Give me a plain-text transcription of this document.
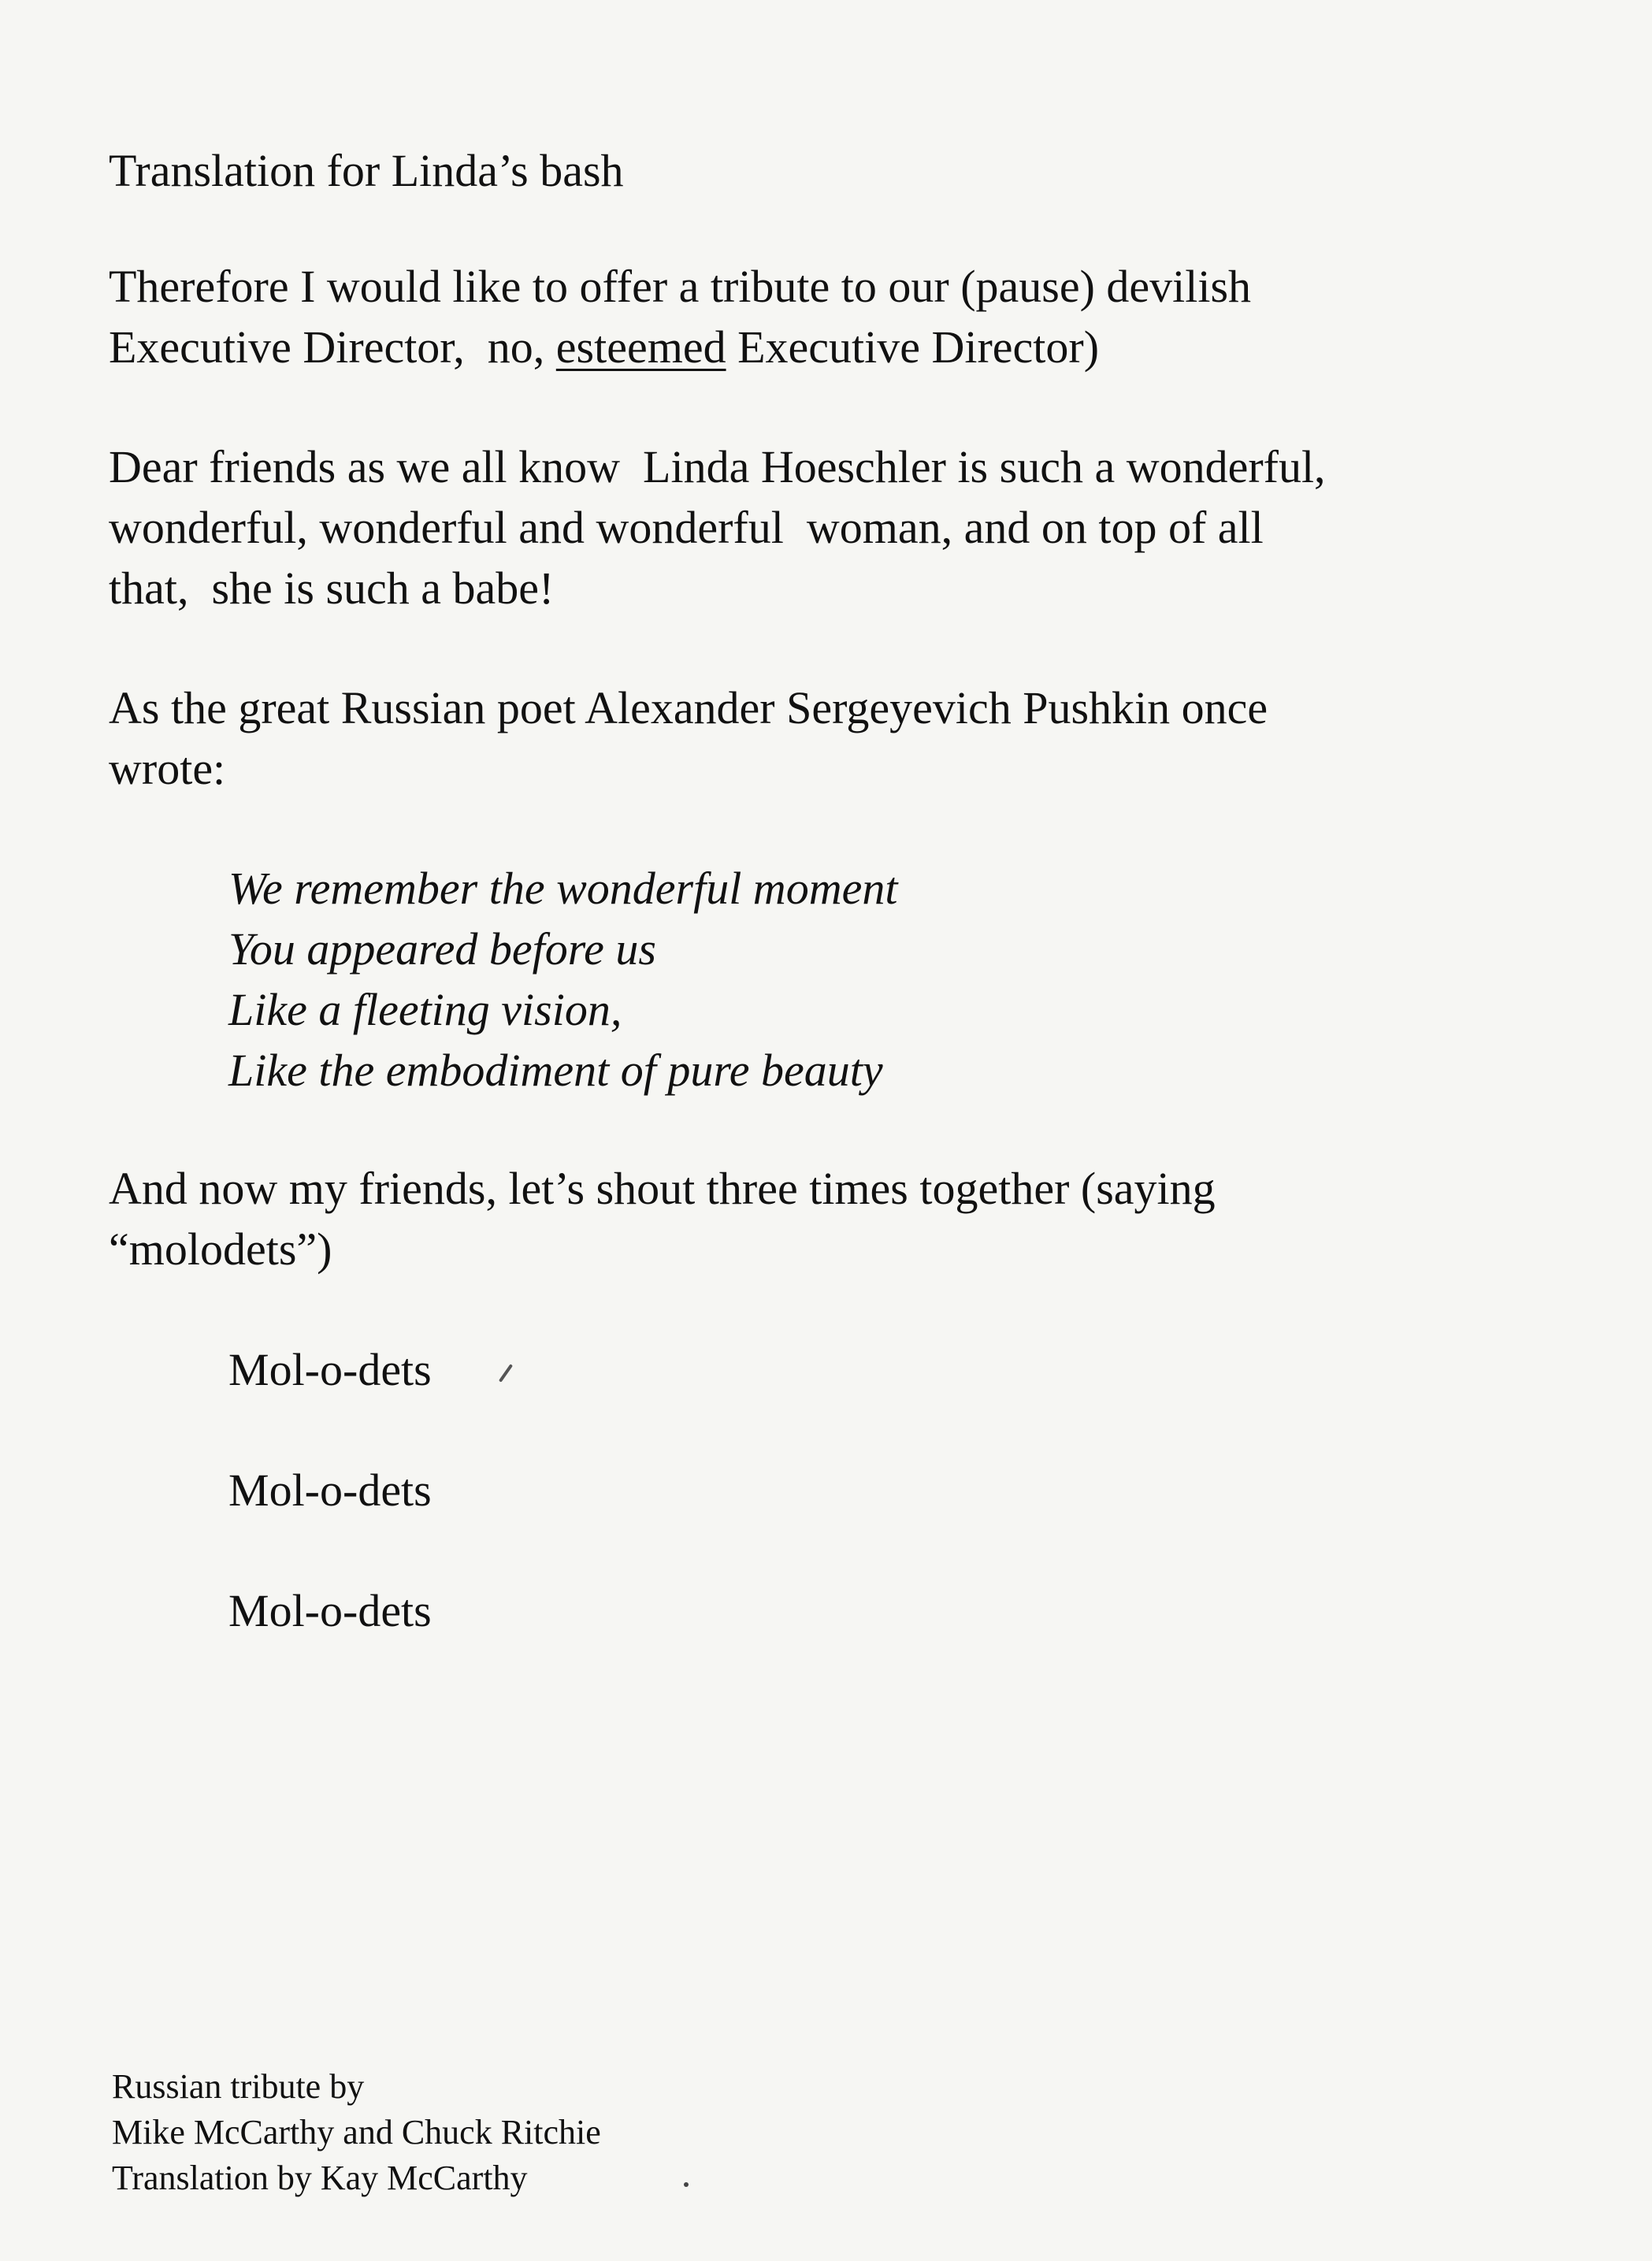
Translation for Linda’s bash
Therefore I would like to offer a tribute to our (pause) devilish
Executive Director,  no, esteemed Executive Director)
Dear friends as we all know  Linda Hoeschler is such a wonderful,
wonderful, wonderful and wonderful  woman, and on top of all
that,  she is such a babe!
As the great Russian poet Alexander Sergeyevich Pushkin once
wrote:
We remember the wonderful moment
You appeared before us
Like a fleeting vision,
Like the embodiment of pure beauty
And now my friends, let’s shout three times together (saying
“molodets”)
Mol-o-dets
Mol-o-dets
Mol-o-dets
Russian tribute by
Mike McCarthy and Chuck Ritchie
Translation by Kay McCarthy
